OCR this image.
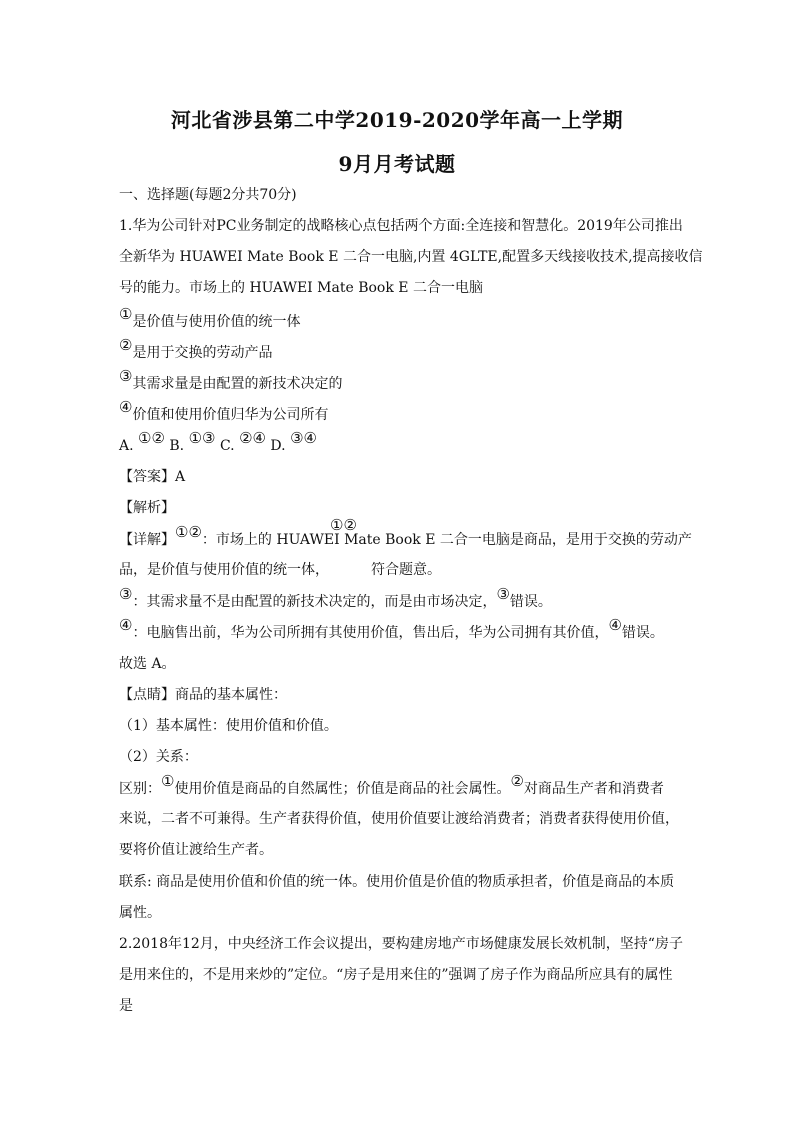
河北省涉县第二中学2019-2020学年高一上学期
9月月考试题
一、选择题(每题2分共70分)
1.华为公司针对PC业务制定的战略核心点包括两个方面:全连接和智慧化。2019年公司推出
全新华为 HUAWEI Mate Book E 二合一电脑,内置 4GLTE,配置多天线接收技术,提高接收信
号的能力。市场上的 HUAWEI Mate Book E 二合一电脑
①是价值与使用价值的统一体
②是用于交换的劳动产品
③其需求量是由配置的新技术决定的
④价值和使用价值归华为公司所有
A. ①② B. ①③ C. ②④ D. ③④
【答案】A
【解析】
【详解】①②：市场上的 HUAWEI Mate Book E 二合一电脑是商品，是用于交换的劳动产
①②
品，是价值与使用价值的统一体，	符合题意。
③：其需求量不是由配置的新技术决定的，而是由市场决定，③错误。
④：电脑售出前，华为公司所拥有其使用价值，售出后，华为公司拥有其价值，④错误。
故选 A。
【点睛】商品的基本属性：
（1）基本属性：使用价值和价值。
（2）关系：
区别：①使用价值是商品的自然属性；价值是商品的社会属性。②对商品生产者和消费者
来说，二者不可兼得。生产者获得价值，使用价值要让渡给消费者；消费者获得使用价值，
要将价值让渡给生产者。
联系: 商品是使用价值和价值的统一体。使用价值是价值的物质承担者，价值是商品的本质
属性。
2.2018年12月，中央经济工作会议提出，要构建房地产市场健康发展长效机制，坚持“房子
是用来住的，不是用来炒的”定位。“房子是用来住的”强调了房子作为商品所应具有的属性
是
